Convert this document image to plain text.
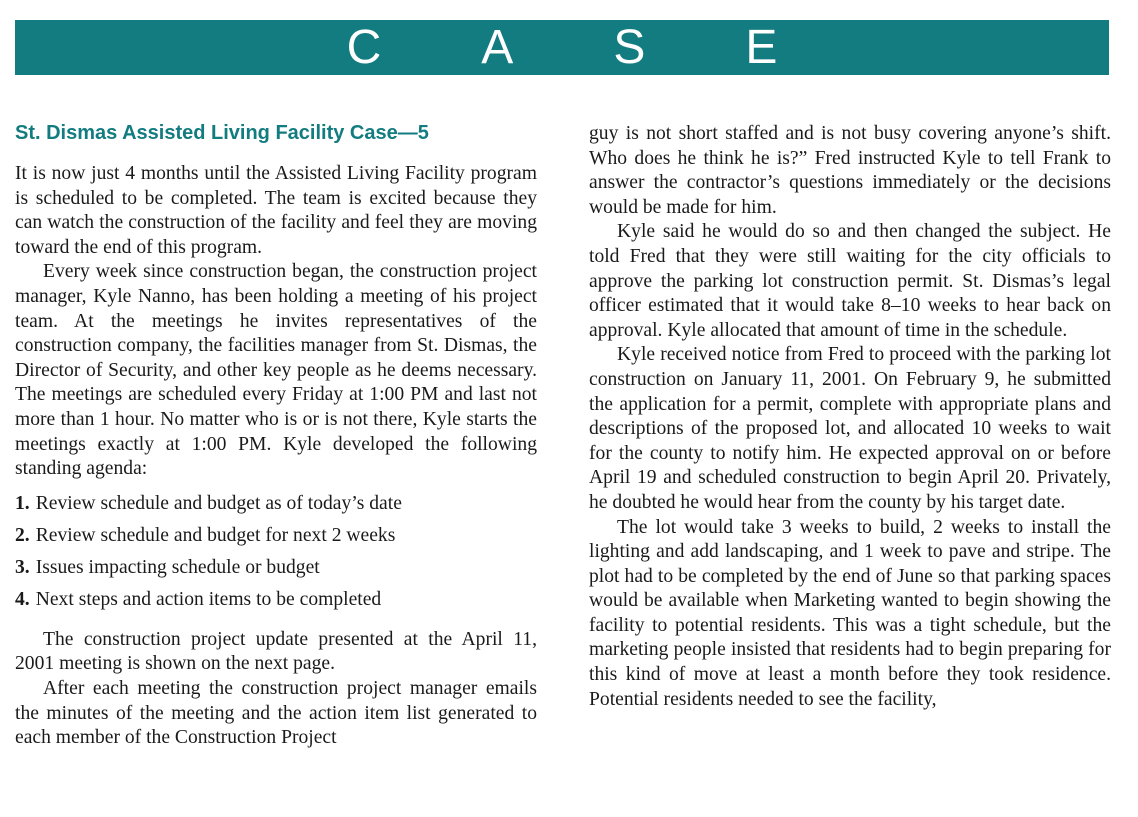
CASE
St. Dismas Assisted Living Facility Case—5

It is now just 4 months until the Assisted Living Facility program is scheduled to be completed. The team is excited because they can watch the construction of the facility and feel they are moving toward the end of this program.

Every week since construction began, the construction project manager, Kyle Nanno, has been holding a meeting of his project team. At the meetings he invites representatives of the construction company, the facilities manager from St. Dismas, the Director of Security, and other key people as he deems necessary. The meetings are scheduled every Friday at 1:00 PM and last not more than 1 hour. No matter who is or is not there, Kyle starts the meetings exactly at 1:00 PM. Kyle developed the following standing agenda:

1. Review schedule and budget as of today’s date
2. Review schedule and budget for next 2 weeks
3. Issues impacting schedule or budget
4. Next steps and action items to be completed

The construction project update presented at the April 11, 2001 meeting is shown on the next page.

After each meeting the construction project manager emails the minutes of the meeting and the action item list generated to each member of the Construction Project

guy is not short staffed and is not busy covering anyone’s shift. Who does he think he is?” Fred instructed Kyle to tell Frank to answer the contractor’s questions immediately or the decisions would be made for him.

Kyle said he would do so and then changed the subject. He told Fred that they were still waiting for the city officials to approve the parking lot construction permit. St. Dismas’s legal officer estimated that it would take 8–10 weeks to hear back on approval. Kyle allocated that amount of time in the schedule.

Kyle received notice from Fred to proceed with the parking lot construction on January 11, 2001. On February 9, he submitted the application for a permit, complete with appropriate plans and descriptions of the proposed lot, and allocated 10 weeks to wait for the county to notify him. He expected approval on or before April 19 and scheduled construction to begin April 20. Privately, he doubted he would hear from the county by his target date.

The lot would take 3 weeks to build, 2 weeks to install the lighting and add landscaping, and 1 week to pave and stripe. The plot had to be completed by the end of June so that parking spaces would be available when Marketing wanted to begin showing the facility to potential residents. This was a tight schedule, but the marketing people insisted that residents had to begin preparing for this kind of move at least a month before they took residence. Potential residents needed to see the facility,
